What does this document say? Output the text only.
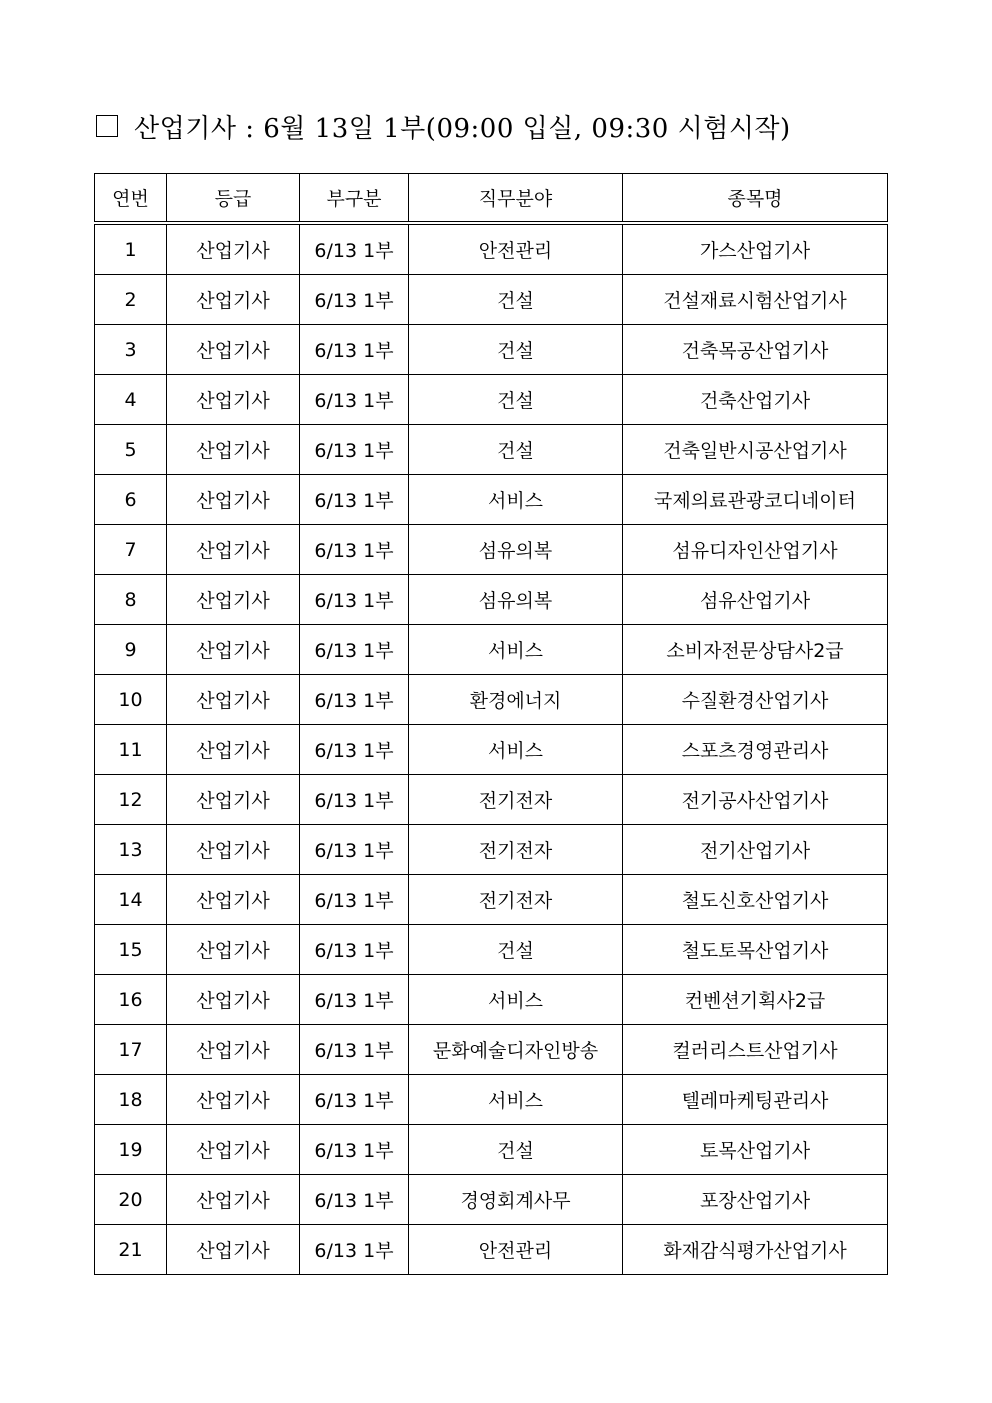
산업기사 : 6월 13일 1부(09:00 입실, 09:30 시험시작)
연번	등급	부구분	직무분야	종목명
1	산업기사	6/13 1부	안전관리	가스산업기사
2	산업기사	6/13 1부	건설	건설재료시험산업기사
3	산업기사	6/13 1부	건설	건축목공산업기사
4	산업기사	6/13 1부	건설	건축산업기사
5	산업기사	6/13 1부	건설	건축일반시공산업기사
6	산업기사	6/13 1부	서비스	국제의료관광코디네이터
7	산업기사	6/13 1부	섬유의복	섬유디자인산업기사
8	산업기사	6/13 1부	섬유의복	섬유산업기사
9	산업기사	6/13 1부	서비스	소비자전문상담사2급
10	산업기사	6/13 1부	환경에너지	수질환경산업기사
11	산업기사	6/13 1부	서비스	스포츠경영관리사
12	산업기사	6/13 1부	전기전자	전기공사산업기사
13	산업기사	6/13 1부	전기전자	전기산업기사
14	산업기사	6/13 1부	전기전자	철도신호산업기사
15	산업기사	6/13 1부	건설	철도토목산업기사
16	산업기사	6/13 1부	서비스	컨벤션기획사2급
17	산업기사	6/13 1부	문화예술디자인방송	컬러리스트산업기사
18	산업기사	6/13 1부	서비스	텔레마케팅관리사
19	산업기사	6/13 1부	건설	토목산업기사
20	산업기사	6/13 1부	경영회계사무	포장산업기사
21	산업기사	6/13 1부	안전관리	화재감식평가산업기사
